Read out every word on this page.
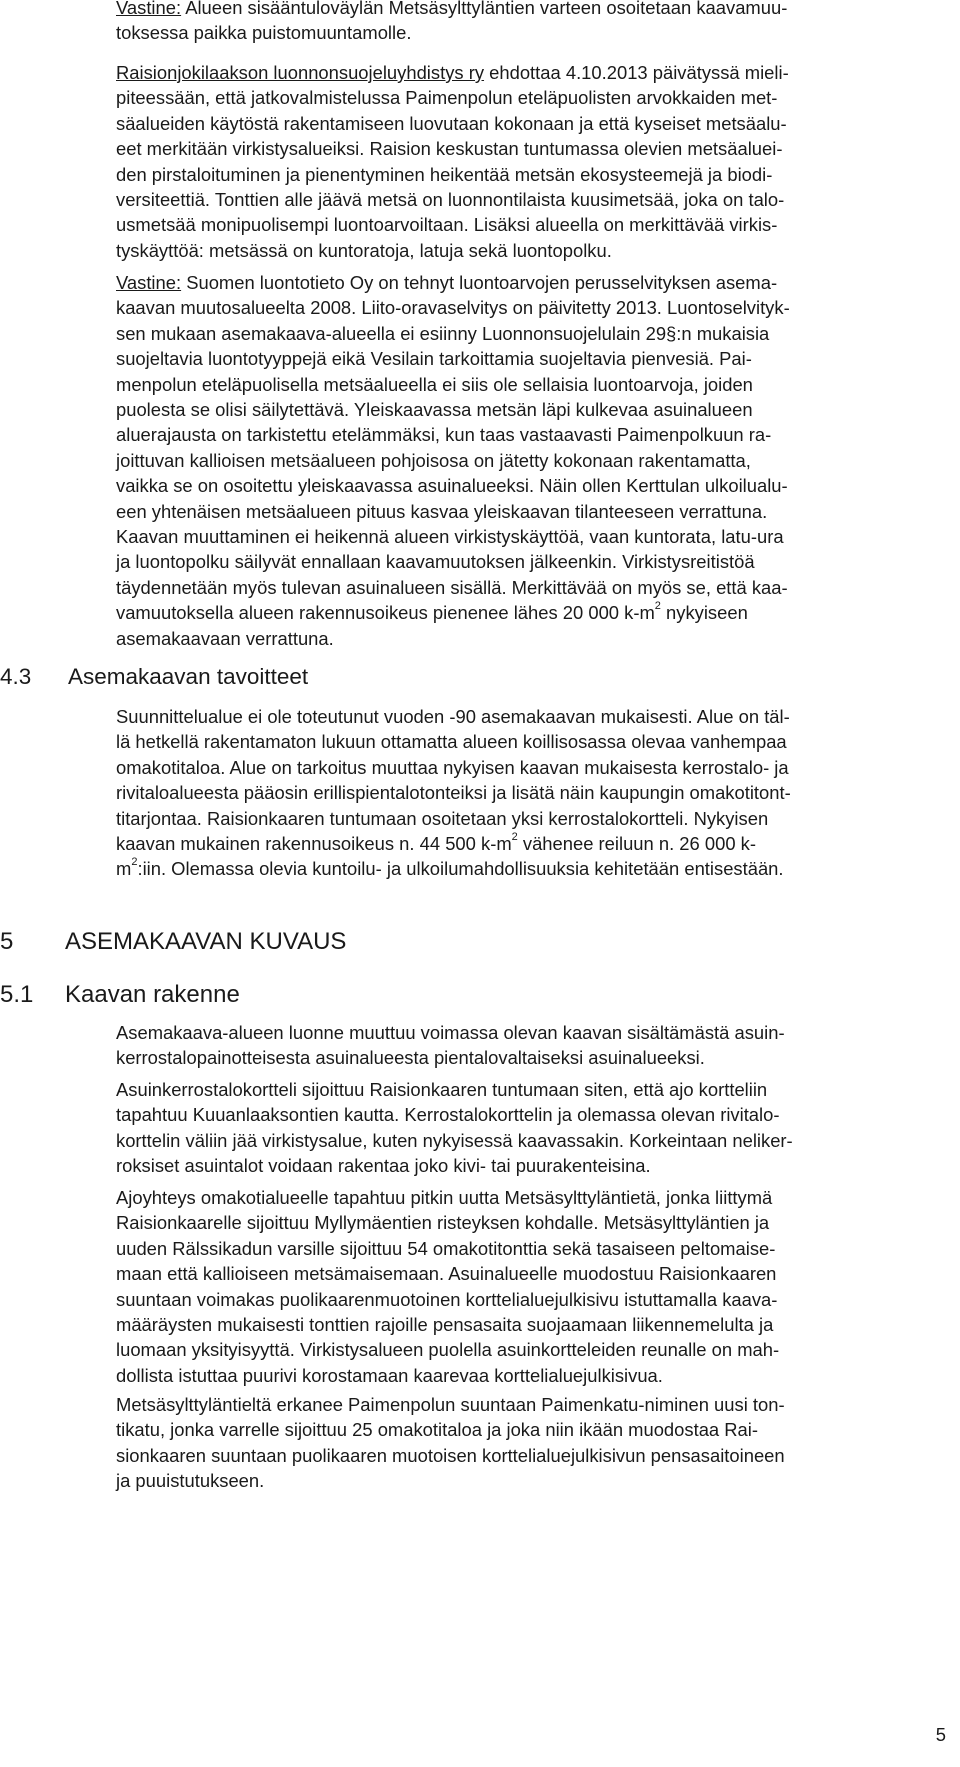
Vastine: Alueen sisääntuloväylän Metsäsylttyläntien varteen osoitetaan kaavamuu-
toksessa paikka puistomuuntamolle.
Raisionjokilaakson luonnonsuojeluyhdistys ry ehdottaa 4.10.2013 päivätyssä mieli-
piteessään, että jatkovalmistelussa Paimenpolun eteläpuolisten arvokkaiden met-
säalueiden käytöstä rakentamiseen luovutaan kokonaan ja että kyseiset metsäalu-
eet merkitään virkistysalueiksi. Raision keskustan tuntumassa olevien metsäaluei-
den pirstaloituminen ja pienentyminen heikentää metsän ekosysteemejä ja biodi-
versiteettiä. Tonttien alle jäävä metsä on luonnontilaista kuusimetsää, joka on talo-
usmetsää monipuolisempi luontoarvoiltaan. Lisäksi alueella on merkittävää virkis-
tyskäyttöä: metsässä on kuntoratoja, latuja sekä luontopolku.
Vastine: Suomen luontotieto Oy on tehnyt luontoarvojen perusselvityksen asema-
kaavan muutosalueelta 2008. Liito-oravaselvitys on päivitetty 2013. Luontoselvityk-
sen mukaan asemakaava-alueella ei esiinny Luonnonsuojelulain 29§:n mukaisia
suojeltavia luontotyyppejä eikä Vesilain tarkoittamia suojeltavia pienvesiä. Pai-
menpolun eteläpuolisella metsäalueella ei siis ole sellaisia luontoarvoja, joiden
puolesta se olisi säilytettävä. Yleiskaavassa metsän läpi kulkevaa asuinalueen
aluerajausta on tarkistettu etelämmäksi, kun taas vastaavasti Paimenpolkuun ra-
joittuvan kallioisen metsäalueen pohjoisosa on jätetty kokonaan rakentamatta,
vaikka se on osoitettu yleiskaavassa asuinalueeksi. Näin ollen Kerttulan ulkoilualu-
een yhtenäisen metsäalueen pituus kasvaa yleiskaavan tilanteeseen verrattuna.
Kaavan muuttaminen ei heikennä alueen virkistyskäyttöä, vaan kuntorata, latu-ura
ja luontopolku säilyvät ennallaan kaavamuutoksen jälkeenkin. Virkistysreitistöä
täydennetään myös tulevan asuinalueen sisällä. Merkittävää on myös se, että kaa-
vamuutoksella alueen rakennusoikeus pienenee lähes 20 000 $k-m^2$ nykyiseen
asemakaavaan verrattuna.
4.3 Asemakaavan tavoitteet
Suunnittelualue ei ole toteutunut vuoden -90 asemakaavan mukaisesti. Alue on täl-
lä hetkellä rakentamaton lukuun ottamatta alueen koillisosassa olevaa vanhempaa
omakotitaloa. Alue on tarkoitus muuttaa nykyisen kaavan mukaisesta kerrostalo- ja
rivitaloalueesta pääosin erillispientalotonteiksi ja lisätä näin kaupungin omakotitont-
titarjontaa. Raisionkaaren tuntumaan osoitetaan yksi kerrostalokortteli. Nykyisen
kaavan mukainen rakennusoikeus n. 44 500 $k-m^2$ vähenee reiluun n. 26 000 k-
$m^2:iin$. Olemassa olevia kuntoilu- ja ulkoilumahdollisuuksia kehitetään entisestään.
5 ASEMAKAAVAN KUVAUS
5.1 Kaavan rakenne
Asemakaava-alueen luonne muuttuu voimassa olevan kaavan sisältämästä asuin-
kerrostalopainotteisesta asuinalueesta pientalovaltaiseksi asuinalueeksi.
Asuinkerrostalokortteli sijoittuu Raisionkaaren tuntumaan siten, että ajo kortteliin
tapahtuu Kuuanlaaksontien kautta. Kerrostalokorttelin ja olemassa olevan rivitalo-
korttelin väliin jää virkistysalue, kuten nykyisessä kaavassakin. Korkeintaan neliker-
roksiset asuintalot voidaan rakentaa joko kivi- tai puurakenteisina.
Ajoyhteys omakotialueelle tapahtuu pitkin uutta Metsäsylttyläntietä, jonka liittymä
Raisionkaarelle sijoittuu Myllymäentien risteyksen kohdalle. Metsäsylttyläntien ja
uuden Rälssikadun varsille sijoittuu 54 omakotitonttia sekä tasaiseen peltomaise-
maan että kallioiseen metsämaisemaan. Asuinalueelle muodostuu Raisionkaaren
suuntaan voimakas puolikaarenmuotoinen korttelialuejulkisivu istuttamalla kaava-
määräysten mukaisesti tonttien rajoille pensasaita suojaamaan liikennemelulta ja
luomaan yksityisyyttä. Virkistysalueen puolella asuinkortteleiden reunalle on mah-
dollista istuttaa puurivi korostamaan kaarevaa korttelialuejulkisivua.
Metsäsylttyläntieltä erkanee Paimenpolun suuntaan Paimenkatu-niminen uusi ton-
tikatu, jonka varrelle sijoittuu 25 omakotitaloa ja joka niin ikään muodostaa Rai-
sionkaaren suuntaan puolikaaren muotoisen korttelialuejulkisivun pensasaitoineen
ja puuistutukseen.
5
